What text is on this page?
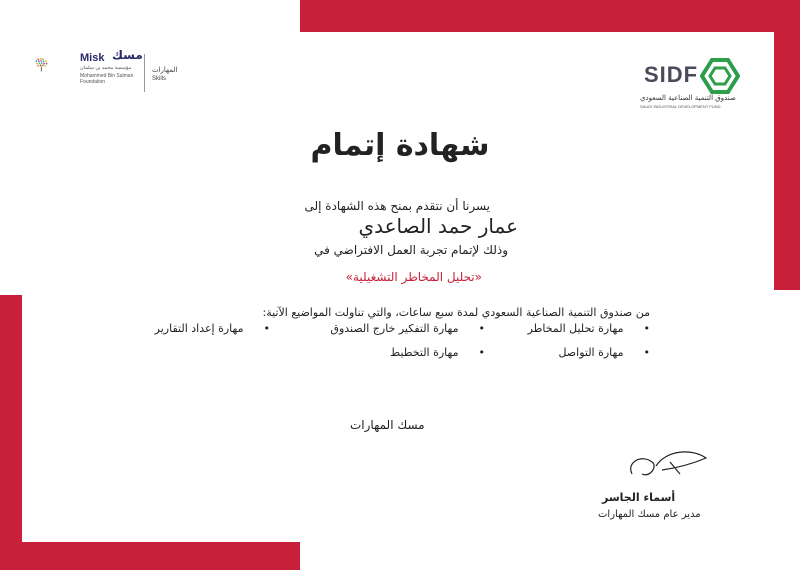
Misk مسك
مؤسسة محمد بن سلمان
Mohammed Bin Salman Foundation
المهارات
Skills	SIDF
صندوق التنمية الصناعية السعودي
SAUDI INDUSTRIAL DEVELOPMENT FUND
شهادة إتمام
يسرنا أن نتقدم بمنح هذه الشهادة إلى
عمار حمد الصاعدي
وذلك لإتمام تجربة العمل الافتراضي في
«تحليل المخاطر التشغيلية»
من صندوق التنمية الصناعية السعودي لمدة سبع ساعات، والتي تناولت المواضيع الآتية:
•مهارة تحليل المخاطر
•مهارة التفكير خارج الصندوق
•مهارة إعداد التقارير
•مهارة التواصل
•مهارة التخطيط
مسك المهارات
أسماء الجاسر
مدير عام مسك المهارات
